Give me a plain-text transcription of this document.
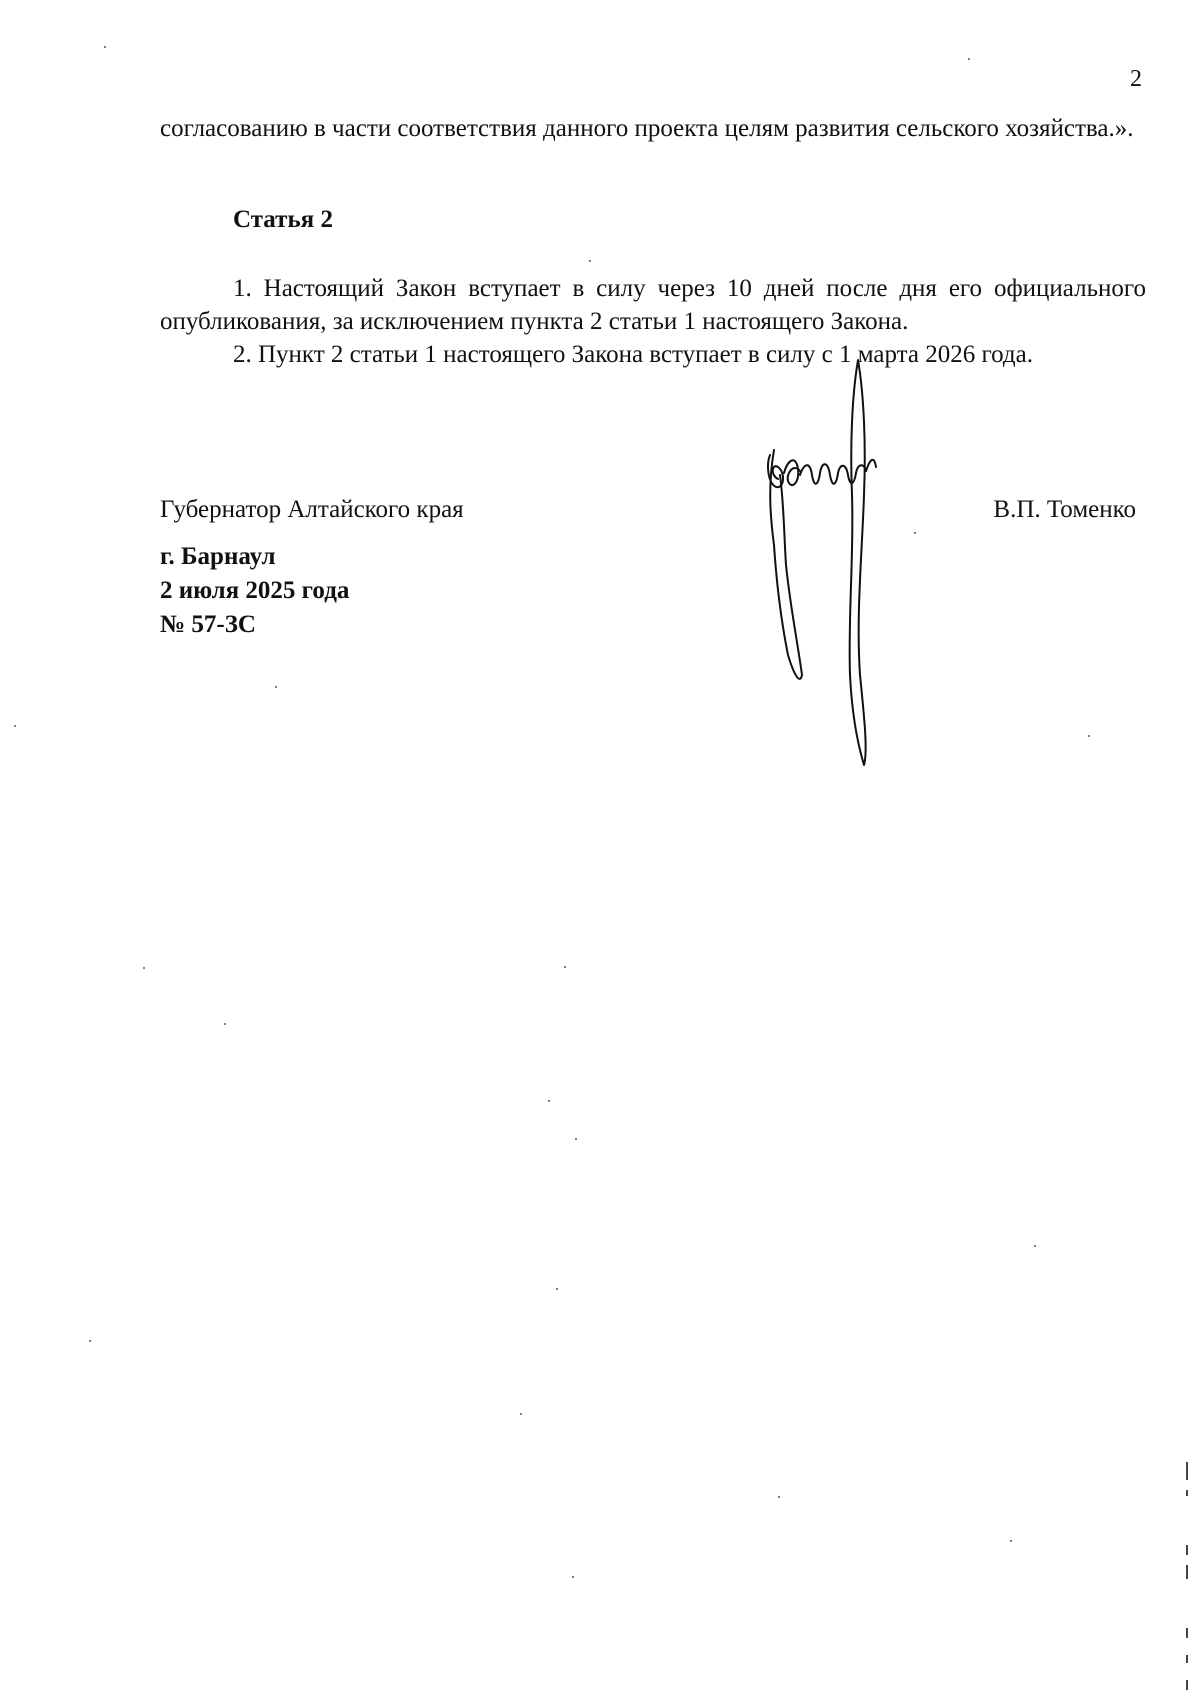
2
согласованию в части соответствия данного проекта целям развития сельского хозяйства.».
Статья 2

1. Настоящий Закон вступает в силу через 10 дней после дня его официального опубликования, за исключением пункта 2 статьи 1 настоящего Закона.

2. Пункт 2 статьи 1 настоящего Закона вступает в силу с 1 марта 2026 года.

Губернатор Алтайского края	В.П. Томенко
г. Барнаул
2 июля 2025 года
№ 57-ЗС
